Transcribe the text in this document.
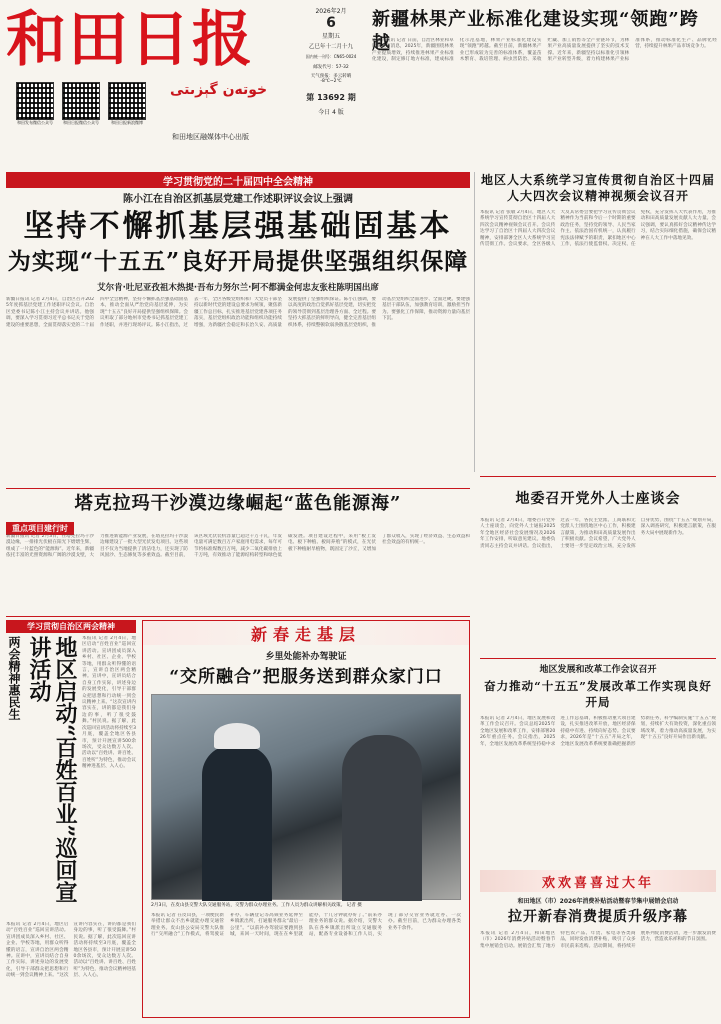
和田日报
خوتەن گېزىتى
和田发布微信公众号	和田日报微信公众号	和田日报新浪微博
2026年2月
6
星期五
乙巳年十二月十九
国内统一刊号：CN65-0024
邮发代号：57-32
天气预报：多云转晴
-8℃~2℃
第 13692 期
今日 4 版
和田地区融媒体中心出版
新疆林果产业标准化建设实现“领跑”跨越
新疆日报讯 记者 日前，自治区林业和草原局发布消息，2025年，新疆围绕林果产业提质增效，持续推进林果产业标准化建设，制定修订地方标准，建成标准化示范基地，林果产业标准化建设实现“领跑”跨越。截至目前，新疆林果产业已形成较为完善的标准体系，覆盖苗木繁育、栽培管理、病虫害防治、采收贮藏、加工销售等全产业链环节，为林果产业高质量发展提供了坚实的技术支撑。近年来，新疆坚持以标准化引领林果产业转型升级，着力构建林果产业标准体系，推动标准化生产、品牌化经营，持续提升林果产品市场竞争力。
学习贯彻党的二十届四中全会精神
陈小江在自治区抓基层党建工作述职评议会议上强调
坚持不懈抓基层强基础固基本
为实现“十五五”良好开局提供坚强组织保障
艾尔肯·吐尼亚孜祖木热提·吾布力努尔兰·阿不都满金何忠友张柱陈明国出席
新疆日报讯 记者 2月4日，自治区召开2025年度抓基层党建工作述职评议会议。自治区党委书记陈小江主持会议并讲话。他强调，要深入学习贯彻习近平总书记关于党的建设的重要思想，全面贯彻落实党的二十届四中全会精神，坚持不懈抓基层强基础固基本，推动全面从严治党向基层延伸，为实现“十五五”良好开局提供坚强组织保障。会议听取了部分地州市党委书记抓基层党建工作述职，并进行现场评议。陈小江指出，过去一年，全区各级党组织和广大党员干部坚持以新时代党的建设总要求为统领，聚焦新疆工作总目标，扎实推进基层党建各项任务落实，基层党组织政治功能和组织功能持续增强，为新疆社会稳定和长治久安、高质量发展提供了坚强组织保证。陈小江强调，要以高度的政治自觉抓好基层党建，切实把党的领导贯彻到基层治理各方面、全过程。要坚持大抓基层的鲜明导向，健全完善基层组织体系，持续整顿软弱涣散基层党组织，推动基层党组织全面进步、全面过硬。要建强基层干部队伍，加强教育培训，激励担当作为。要强化工作保障，推动资源力量向基层下沉。
地区人大系统学习宣传贯彻自治区十四届人大四次会议精神视频会议召开
本报讯 记者 张敏 2月4日，地区人大系统学习宣传贯彻自治区十四届人大四次会议精神视频会议召开。会议传达学习了自治区十四届人大四次会议精神，安排部署全区人大系统学习宣传贯彻工作。会议要求，全区各级人大及其常委会要把学习宣传贯彻会议精神作为当前和今后一个时期的重要政治任务，坚持党的领导、人民当家作主、依法治国有机统一，认真履行宪法法律赋予的职责，紧扣地区中心工作，依法行使监督权、决定权、任免权，充分发挥人大代表作用，为推动和田高质量发展贡献人大力量。会议强调，要认真抓好会议精神传达学习，结合实际细化措施，确保会议精神在人大工作中落地见效。
塔克拉玛干沙漠边缘崛起“蓝色能源海”
重点项目建行时
新疆日报讯 记者 2月3日，在塔克拉玛干沙漠边缘，一排排光伏板在阳光下熠熠生辉，组成了一片蓝色的“能源海”。近年来，新疆依托丰富的光照资源和广阔的沙漠戈壁，大力推进新能源产业发展，在塔克拉玛干沙漠边缘建设了一批大型光伏发电项目。这些项目不仅为当地提供了清洁电力，还实现了防风固沙、生态修复等多重效益。截至目前，该区域光伏装机容量已超过千万千瓦，年发电量可满足数百万户家庭用电需求，每年可节约标准煤数百万吨，减少二氧化碳排放上千万吨，有效推动了能源结构转型和绿色低碳发展。项目建设过程中，采用“板上发电、板下种植、板间养殖”的模式，在光伏板下种植耐旱植物，既固定了沙丘，又增加了群众收入，实现了经济效益、生态效益和社会效益的有机统一。
地委召开党外人士座谈会
本报讯 记者 2月4日，地委召开党外人士座谈会，向党外人士通报2025年全地区经济社会发展情况及2026年工作安排，听取意见建议。地委负责同志主持会议并讲话。会议指出，过去一年，各民主党派、工商联和无党派人士围绕地区中心工作，积极建言献策，为推动和田高质量发展作出了积极贡献。会议希望，广大党外人士要进一步坚定政治立场，充分发挥自身优势，围绕“十五五”规划开局，深入调查研究，积极建言献策，在服务大局中展现新作为。
学习贯彻自治区两会精神
两会精神惠民生	地区启动“百姓百业”巡回宣讲活动	本报讯 记者 2月4日，地区启动“百姓百业”巡回宣讲活动。宣讲团成员深入乡村、社区、企业、学校等地，用群众听得懂的语言，宣讲自治区两会精神。宣讲中，宣讲员结合自身工作实际，讲述身边的发展变化，引导干部群众把思想和行动统一到会议精神上来。“这次宣讲内容实在，讲的都是我们身边的事，听了很受鼓舞。”村民说。据了解，此次巡回宣讲活动将持续至3月底，覆盖全地区各县市，预计开展宣讲500余场次，受众达数万人次。活动以“百姓讲、讲百姓、百姓听”为特色，推动会议精神进基层、入人心。
本报讯 记者 2月4日，地区启动“百姓百业”巡回宣讲活动。宣讲团成员深入乡村、社区、企业、学校等地，用群众听得懂的语言，宣讲自治区两会精神。宣讲中，宣讲员结合自身工作实际，讲述身边的发展变化，引导干部群众把思想和行动统一到会议精神上来。“这次宣讲内容实在，讲的都是我们身边的事，听了很受鼓舞。”村民说。据了解，此次巡回宣讲活动将持续至3月底，覆盖全地区各县市，预计开展宣讲500余场次，受众达数万人次。活动以“百姓讲、讲百姓、百姓听”为特色，推动会议精神进基层、入人心。
新春走基层
乡里处能补办驾驶证
“交所融合”把服务送到群众家门口
2月3日，在皮山县交警大队交通服务站，交警为群众办理业务。工作人员为群众讲解相关政策。 记者 摄
本报讯 记者 在皮山县，一项便民新举措让群众不出乡就能办理交通管理业务。皮山县公安局交警大队推行“交所融合”工作模式，将驾驶证补办、车辆登记等高频业务延伸至乡镇派出所，打通服务群众“最后一公里”。“以前补办驾驶证要跑到县城，来回一天时间，现在在乡里就能办，十几分钟就办好了。”前来办理业务的群众说。据介绍，交警大队在各乡镇派出所设立交通服务站，配备专业设备和工作人员，实现了部分交管业务就近办、一次办。截至目前，已为群众办理各类业务千余件。
地区发展和改革工作会议召开
奋力推动“十五五”发展改革工作实现良好开局
本报讯 记者 2月4日，地区发展和改革工作会议召开。会议总结2025年全地区发展和改革工作，安排部署2026年重点任务。会议指出，2025年，全地区发展改革系统坚持稳中求进工作总基调，积极推动重大项目建设，扎实推进改革开放，地区经济保持稳中有进、持续向好态势。会议要求，2026年是“十五五”开局之年，全地区发展改革系统要准确把握新形势新任务，科学编制实施“十五五”规划，持续扩大有效投资，深化重点领域改革，着力推动高质量发展，为实现“十五五”良好开局作出新贡献。
欢欢喜喜过大年
和田地区（市）2026年消费补贴活动暨春节集中展销会启动
拉开新春消费提质升级序幕
本报讯 记者 2月4日，和田地区（市）2026年消费补贴活动暨春节集中展销会启动。展销会汇集了地方特色农产品、年货、家电等各类商品，同时发放消费补贴，吸引了众多市民前来选购。活动期间，将持续开展系列促消费活动，进一步激发消费活力，营造欢乐祥和的节日氛围。
